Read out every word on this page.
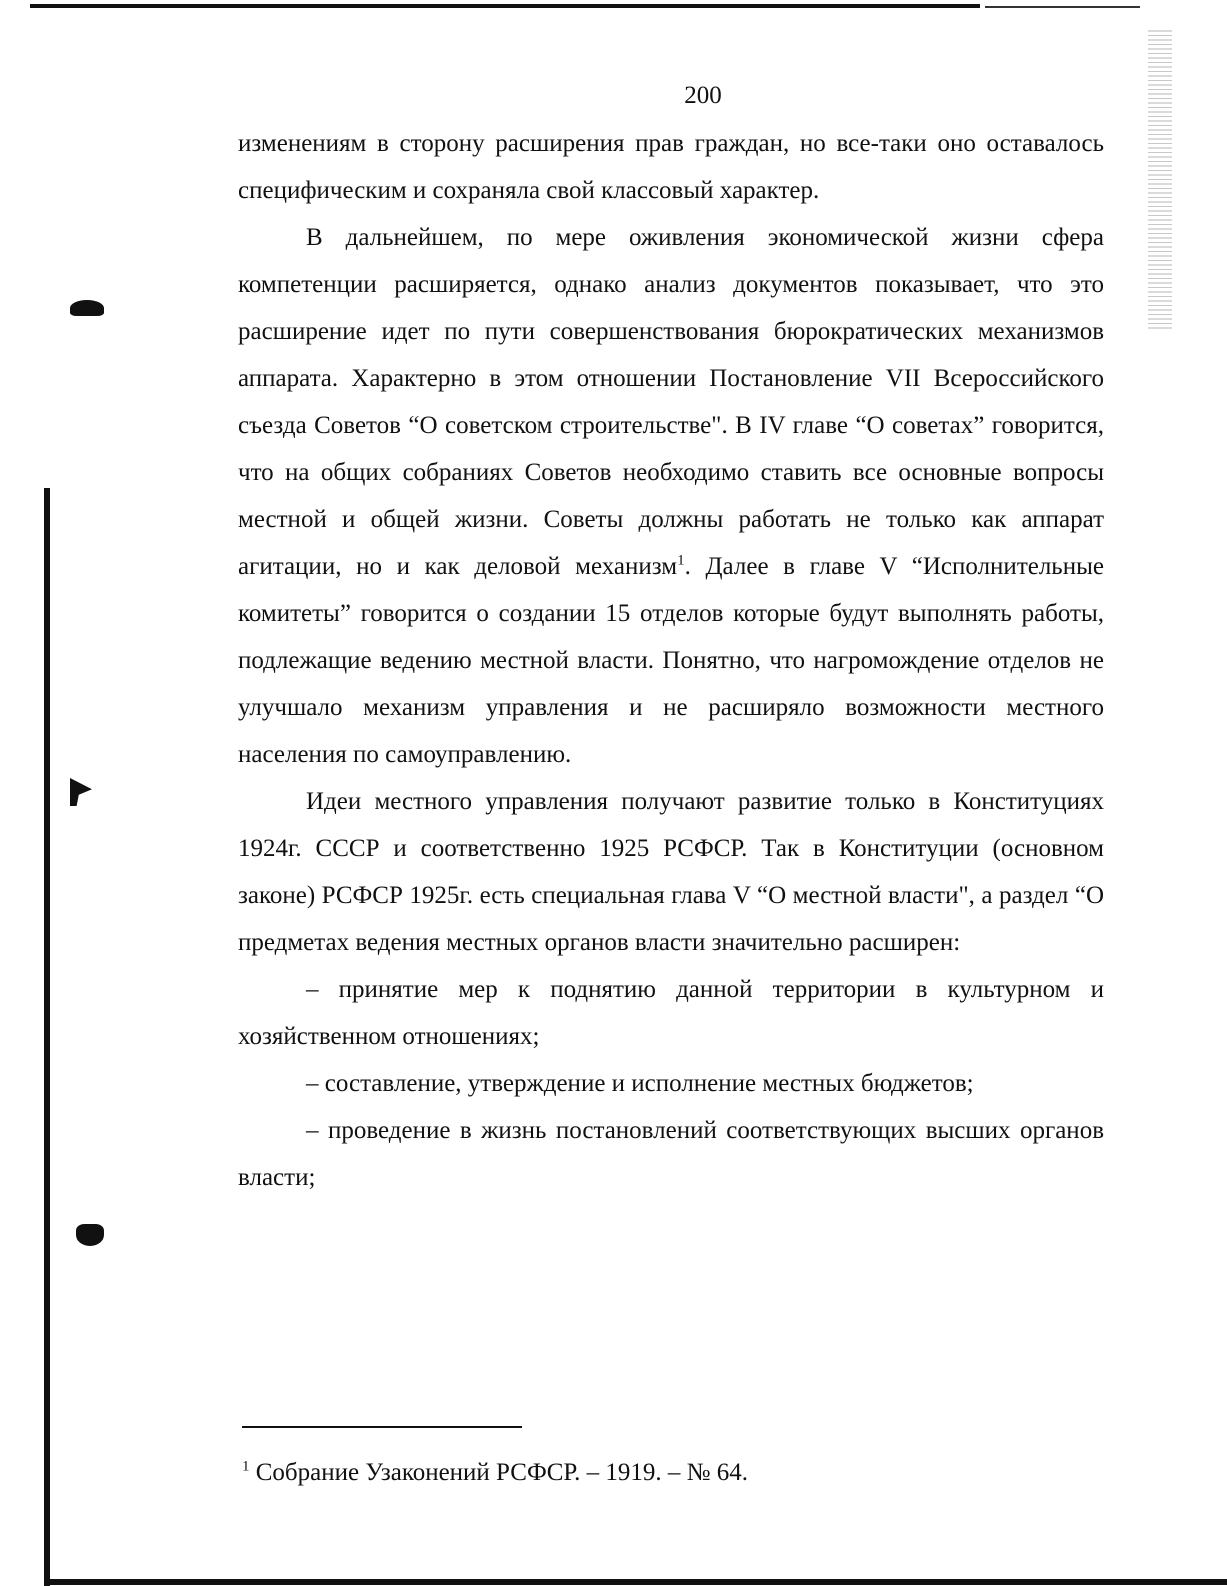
200

изменениям в сторону расширения прав граждан, но все-таки оно оставалось специфическим и сохраняла свой классовый характер.

В дальнейшем, по мере оживления экономической жизни сфера компетенции расширяется, однако анализ документов показывает, что это расширение идет по пути совершенствования бюрократических механизмов аппарата. Характерно в этом отношении Постановление VII Всероссийского съезда Советов “О советском строительстве". В IV главе “О советах” говорится, что на общих собраниях Советов необходимо ставить все основные вопросы местной и общей жизни. Советы должны работать не только как аппарат агитации, но и как деловой механизм$^1$. Далее в главе V “Исполнительные комитеты” говорится о создании 15 отделов которые будут выполнять работы, подлежащие ведению местной власти. Понятно, что нагромождение отделов не улучшало механизм управления и не расширяло возможности местного населения по самоуправлению.

Идеи местного управления получают развитие только в Конституциях 1924г. СССР и соответственно 1925 РСФСР. Так в Конституции (основном законе) РСФСР 1925г. есть специальная глава V “О местной власти", а раздел “О предметах ведения местных органов власти значительно расширен:

– принятие мер к поднятию данной территории в культурном и хозяйственном отношениях;

– составление, утверждение и исполнение местных бюджетов;

– проведение в жизнь постановлений соответствующих высших органов власти;

$^1$ Собрание Узаконений РСФСР. – 1919. – № 64.
